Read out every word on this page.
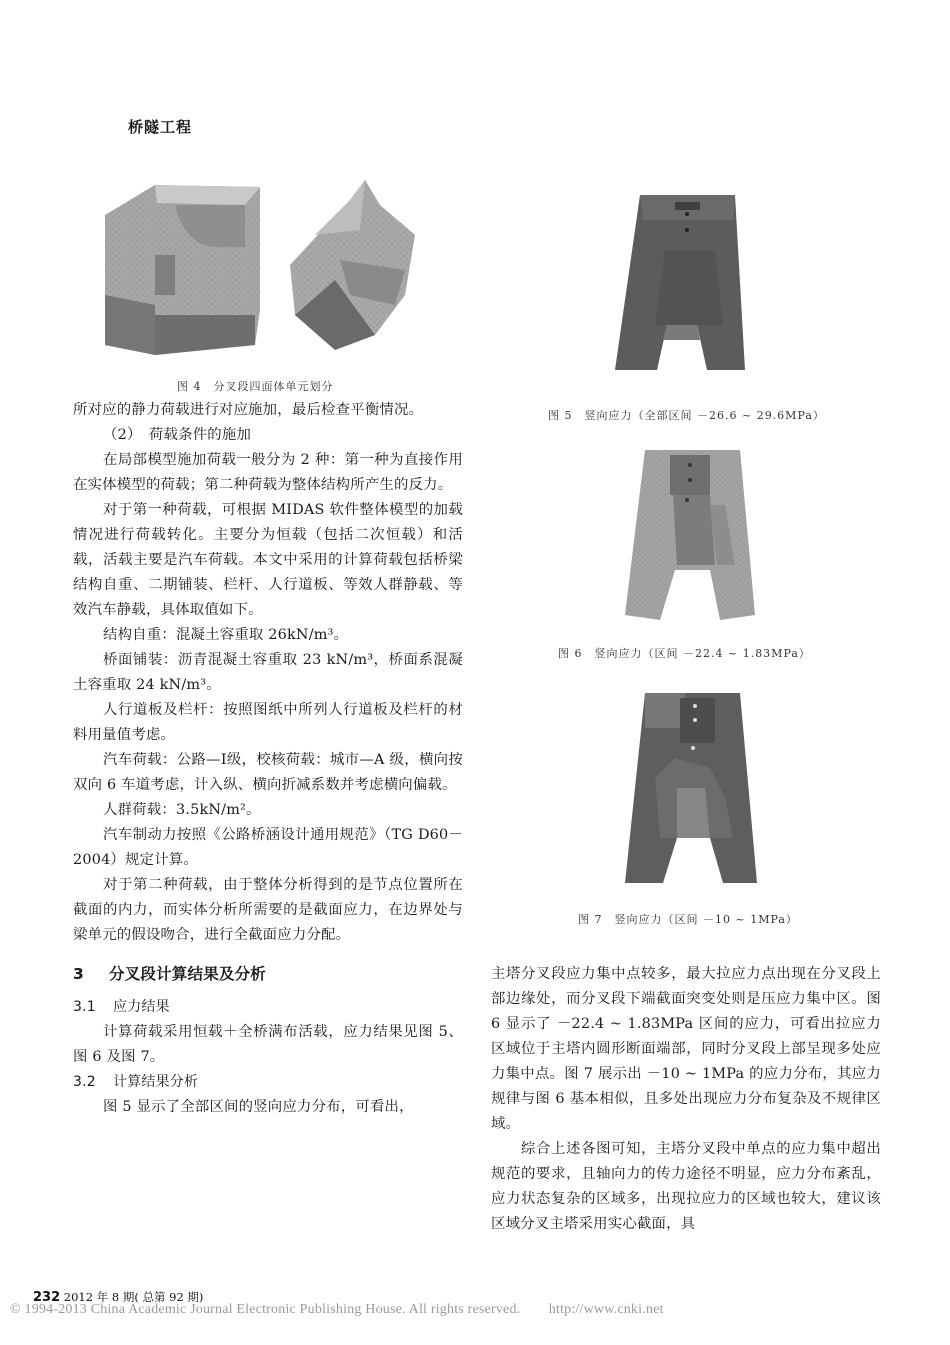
桥隧工程
图 4　分叉段四面体单元划分
图 5　竖向应力（全部区间 －26.6 ~ 29.6MPa）
图 6　竖向应力（区间 －22.4 ~ 1.83MPa）
图 7　竖向应力（区间 －10 ~ 1MPa）

所对应的静力荷载进行对应施加，最后检查平衡情况。

（2）　荷载条件的施加

在局部模型施加荷载一般分为 2 种：第一种为直接作用在实体模型的荷载；第二种荷载为整体结构所产生的反力。

对于第一种荷载，可根据 MIDAS 软件整体模型的加载情况进行荷载转化。主要分为恒载（包括二次恒载）和活载，活载主要是汽车荷载。本文中采用的计算荷载包括桥梁结构自重、二期铺装、栏杆、人行道板、等效人群静载、等效汽车静载，具体取值如下。

结构自重：混凝土容重取 26kN/m³。

桥面铺装：沥青混凝土容重取 23 kN/m³，桥面系混凝土容重取 24 kN/m³。

人行道板及栏杆：按照图纸中所列人行道板及栏杆的材料用量值考虑。

汽车荷载：公路—Ⅰ级，校核荷载：城市—A 级，横向按双向 6 车道考虑，计入纵、横向折减系数并考虑横向偏载。

人群荷载：3.5kN/m²。

汽车制动力按照《公路桥涵设计通用规范》（TG D60－2004）规定计算。

对于第二种荷载，由于整体分析得到的是节点位置所在截面的内力，而实体分析所需要的是截面应力，在边界处与梁单元的假设吻合，进行全截面应力分配。

3 分叉段计算结果及分析

3.1 应力结果

计算荷载采用恒载＋全桥满布活载，应力结果见图 5、图 6 及图 7。

3.2 计算结果分析

图 5 显示了全部区间的竖向应力分布，可看出，

主塔分叉段应力集中点较多，最大拉应力点出现在分叉段上部边缘处，而分叉段下端截面突变处则是压应力集中区。图 6 显示了 －22.4 ~ 1.83MPa 区间的应力，可看出拉应力区域位于主塔内圆形断面端部，同时分叉段上部呈现多处应力集中点。图 7 展示出 －10 ~ 1MPa 的应力分布，其应力规律与图 6 基本相似，且多处出现应力分布复杂及不规律区域。

综合上述各图可知，主塔分叉段中单点的应力集中超出规范的要求，且轴向力的传力途径不明显，应力分布紊乱，应力状态复杂的区域多，出现拉应力的区域也较大，建议该区域分叉主塔采用实心截面，具

232 2012 年 8 期( 总第 92 期)
© 1994-2013 China Academic Journal Electronic Publishing House. All rights reserved.　　http://www.cnki.net
